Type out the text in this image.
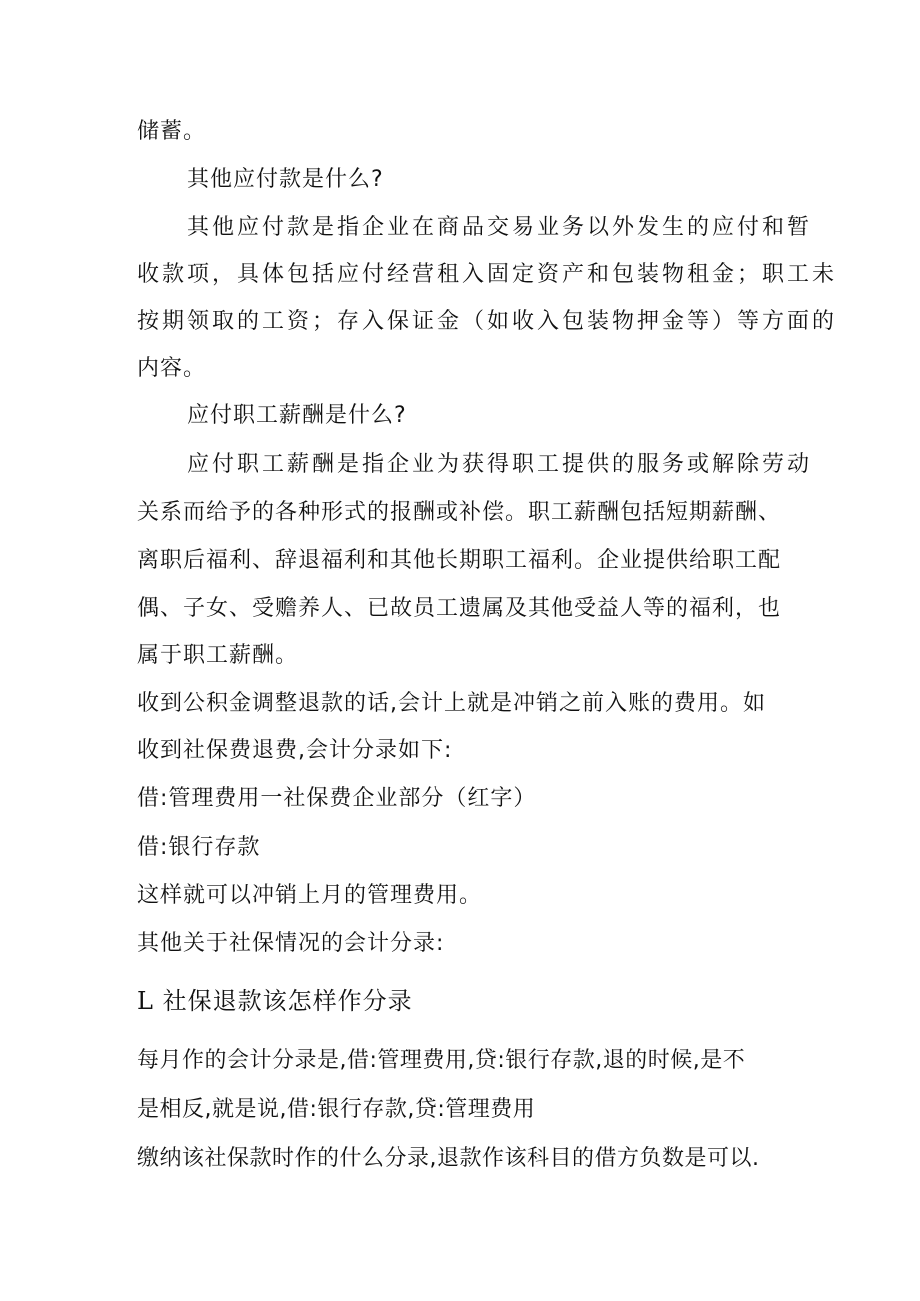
储蓄。
其他应付款是什么?
其他应付款是指企业在商品交易业务以外发生的应付和暂
收款项，具体包括应付经营租入固定资产和包装物租金；职工未
按期领取的工资；存入保证金（如收入包装物押金等）等方面的
内容。
应付职工薪酬是什么?
应付职工薪酬是指企业为获得职工提供的服务或解除劳动
关系而给予的各种形式的报酬或补偿。职工薪酬包括短期薪酬、
离职后福利、辞退福利和其他长期职工福利。企业提供给职工配
偶、子女、受赡养人、已故员工遗属及其他受益人等的福利，也
属于职工薪酬。
收到公积金调整退款的话,会计上就是冲销之前入账的费用。如
收到社保费退费,会计分录如下:
借:管理费用一社保费企业部分（红字）
借:银行存款
这样就可以冲销上月的管理费用。
其他关于社保情况的会计分录:
L 社保退款该怎样作分录
每月作的会计分录是,借:管理费用,贷:银行存款,退的时候,是不
是相反,就是说,借:银行存款,贷:管理费用
缴纳该社保款时作的什么分录,退款作该科目的借方负数是可以.
